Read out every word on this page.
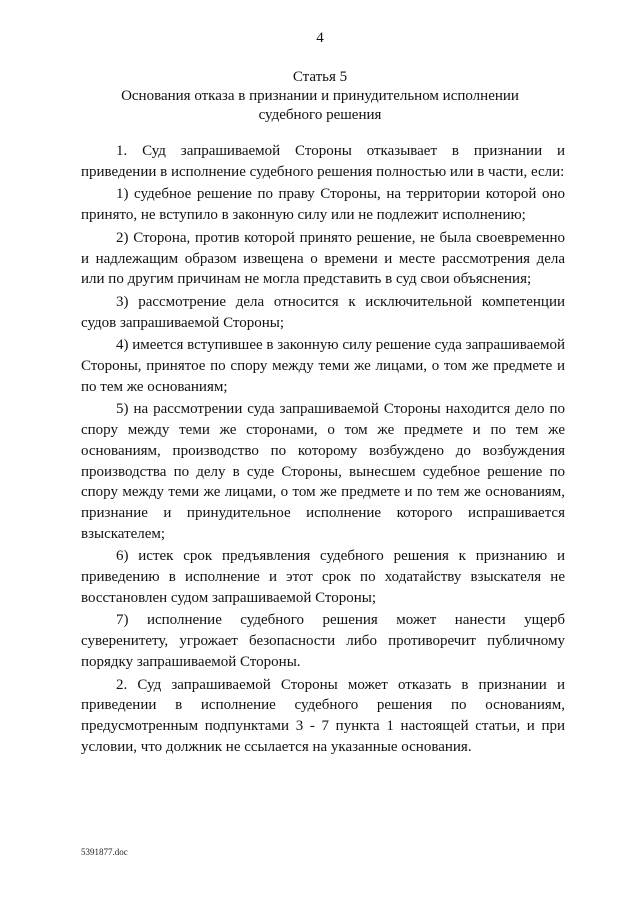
4
Статья 5
Основания отказа в признании и принудительном исполнении
судебного решения

1. Суд запрашиваемой Стороны отказывает в признании и приведении в исполнение судебного решения полностью или в части, если:

1) судебное решение по праву Стороны, на территории которой оно принято, не вступило в законную силу или не подлежит исполнению;

2) Сторона, против которой принято решение, не была своевременно и надлежащим образом извещена о времени и месте рассмотрения дела или по другим причинам не могла представить в суд свои объяснения;

3) рассмотрение дела относится к исключительной компетенции судов запрашиваемой Стороны;

4) имеется вступившее в законную силу решение суда запрашиваемой Стороны, принятое по спору между теми же лицами, о том же предмете и по тем же основаниям;

5) на рассмотрении суда запрашиваемой Стороны находится дело по спору между теми же сторонами, о том же предмете и по тем же основаниям, производство по которому возбуждено до возбуждения производства по делу в суде Стороны, вынесшем судебное решение по спору между теми же лицами, о том же предмете и по тем же основаниям, признание и принудительное исполнение которого испрашивается взыскателем;

6) истек срок предъявления судебного решения к признанию и приведению в исполнение и этот срок по ходатайству взыскателя не восстановлен судом запрашиваемой Стороны;

7) исполнение судебного решения может нанести ущерб суверенитету, угрожает безопасности либо противоречит публичному порядку запрашиваемой Стороны.

2. Суд запрашиваемой Стороны может отказать в признании и приведении в исполнение судебного решения по основаниям, предусмотренным подпунктами 3 - 7 пункта 1 настоящей статьи, и при условии, что должник не ссылается на указанные основания.

5391877.doc
